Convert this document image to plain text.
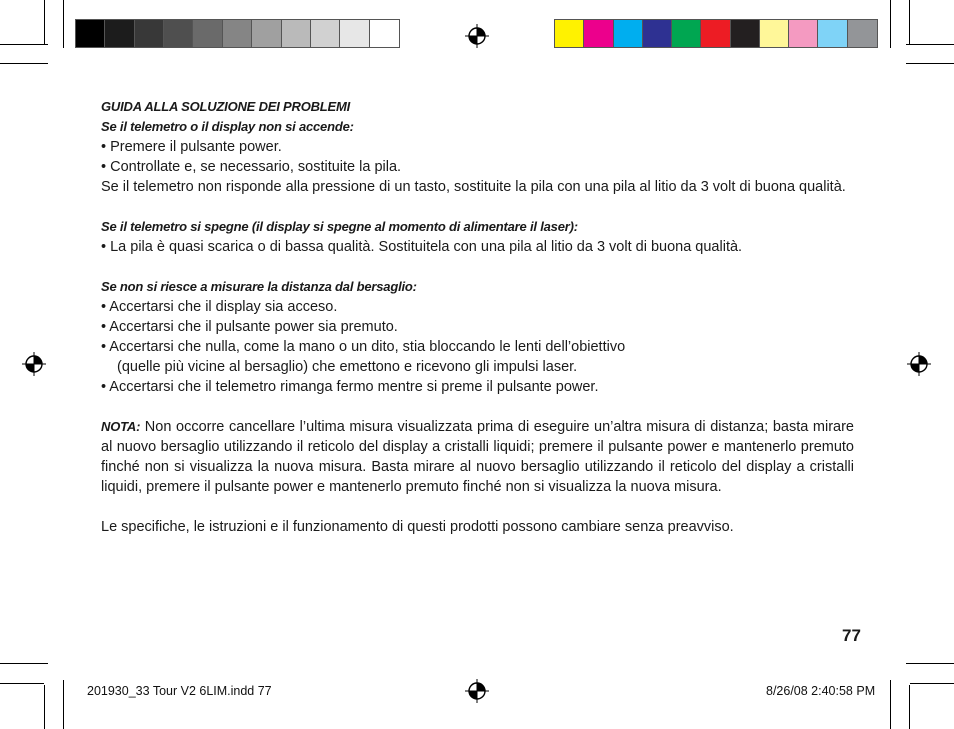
GUIDA ALLA SOLUZIONE DEI PROBLEMI
Se il telemetro o il display non si accende:

• Premere il pulsante power.

• Controllate e, se necessario, sostituite la pila.

Se il telemetro non risponde alla pressione di un tasto, sostituite la pila con una pila al litio da 3 volt di buona qualità.

Se il telemetro si spegne (il display si spegne al momento di alimentare il laser):

• La pila è quasi scarica o di bassa qualità. Sostituitela con una pila al litio da 3 volt di buona qualità.

Se non si riesce a misurare la distanza dal bersaglio:

• Accertarsi che il display sia acceso.

• Accertarsi che il pulsante power sia premuto.

• Accertarsi che nulla, come la mano o un dito, stia bloccando le lenti dell’obiettivo

(quelle più vicine al bersaglio) che emettono e ricevono gli impulsi laser.

• Accertarsi che il telemetro rimanga fermo mentre si preme il pulsante power.

NOTA: Non occorre cancellare l’ultima misura visualizzata prima di eseguire un’altra misura di distanza; basta mirare al nuovo bersaglio utilizzando il reticolo del display a cristalli liquidi; premere il pulsante power e mantenerlo premuto finché non si visualizza la nuova misura. Basta mirare al nuovo bersaglio utilizzando il reticolo del display a cristalli liquidi, premere il pulsante power e mantenerlo premuto finché non si visualizza la nuova misura.

Le specifiche, le istruzioni e il funzionamento di questi prodotti possono cambiare senza preavviso.

77
201930_33 Tour V2 6LIM.indd 77	8/26/08 2:40:58 PM
